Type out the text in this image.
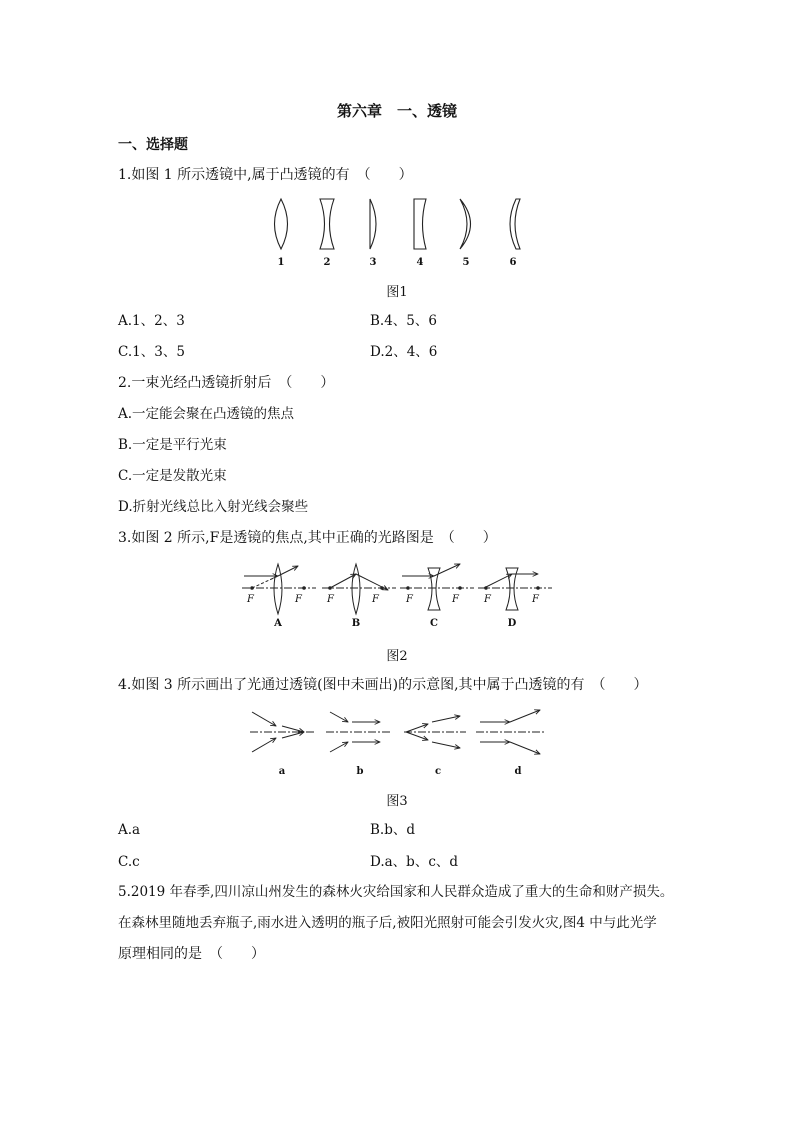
第六章　一、透镜
一、选择题
1.如图 1 所示透镜中,属于凸透镜的有　（　　）
1	2	3	4	5	6
图1
A.1、2、3	B.4、5、6
C.1、3、5	D.2、4、6
2.一束光经凸透镜折射后　（　　）
A.一定能会聚在凸透镜的焦点
B.一定是平行光束
C.一定是发散光束
D.折射光线总比入射光线会聚些
3.如图 2 所示,F是透镜的焦点,其中正确的光路图是　（　　）
F	F	F	F	F	F	F	F
A	B	C	D
图2
4.如图 3 所示画出了光通过透镜(图中未画出)的示意图,其中属于凸透镜的有　（　　）
a	b	c	d
图3
A.a	B.b、d
C.c	D.a、b、c、d
5.2019 年春季,四川凉山州发生的森林火灾给国家和人民群众造成了重大的生命和财产损失。
在森林里随地丢弃瓶子,雨水进入透明的瓶子后,被阳光照射可能会引发火灾,图4 中与此光学
原理相同的是　（　　）
